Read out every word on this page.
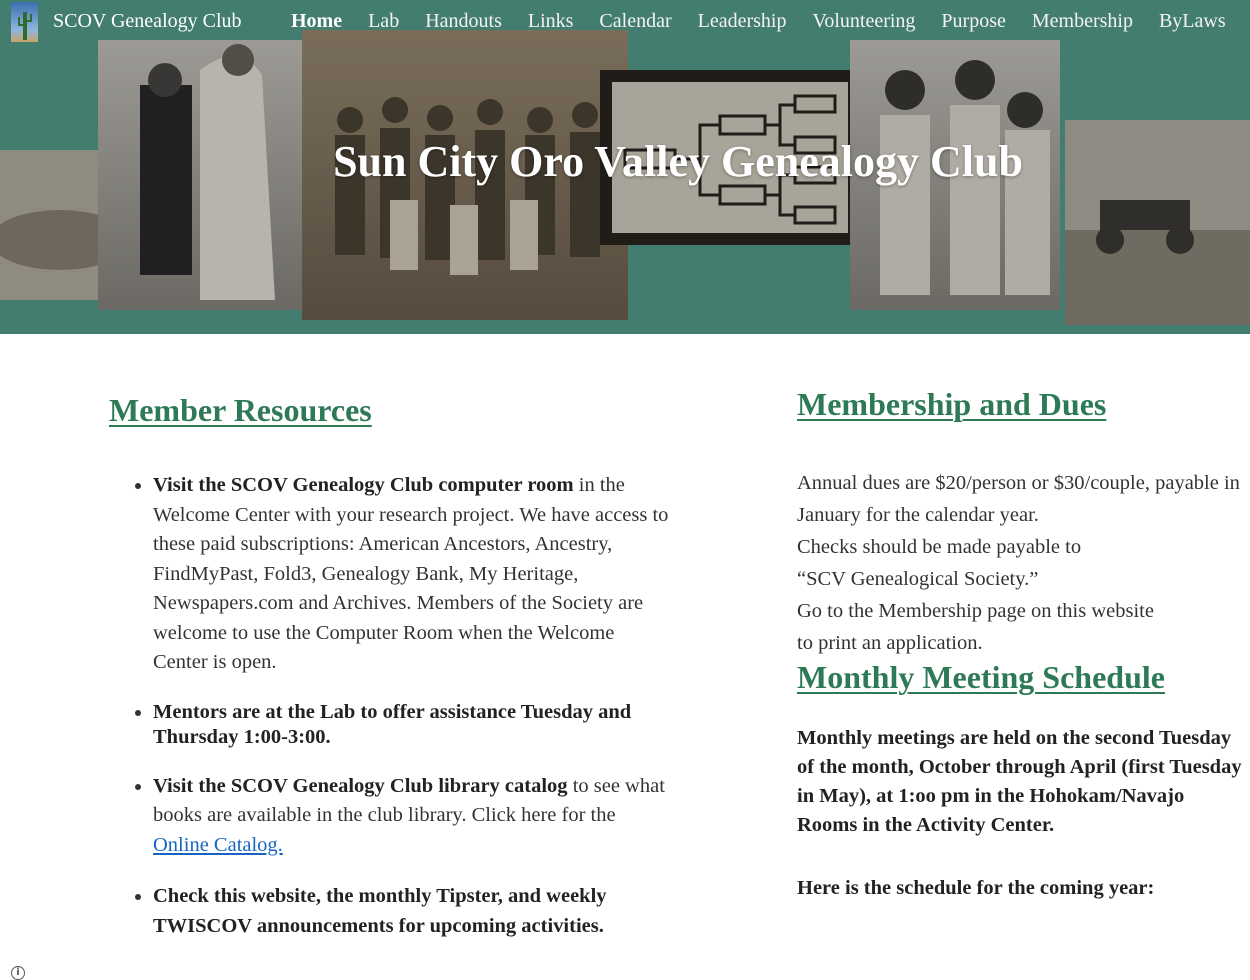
Sun City Oro Valley Genealogy Club
SCOV Genealogy Club Home Lab Handouts Links Calendar Leadership Volunteering Purpose Membership ByLaws
Member Resources
• Visit the SCOV Genealogy Club computer room in the Welcome Center with your research project. We have access to these paid subscriptions: American Ancestors, Ancestry, FindMyPast, Fold3, Genealogy Bank, My Heritage, Newspapers.com and Archives. Members of the Society are welcome to use the Computer Room when the Welcome Center is open.
• Mentors are at the Lab to offer assistance Tuesday and Thursday 1:00-3:00.
• Visit the SCOV Genealogy Club library catalog to see what books are available in the club library. Click here for the Online Catalog.
• Check this website, the monthly Tipster, and weekly TWISCOV announcements for upcoming activities.
Membership and Dues

Annual dues are $20/person or $30/couple, payable in January for the calendar year.

Checks should be made payable to

“SCV Genealogical Society.”

Go to the Membership page on this website

to print an application.

Monthly Meeting Schedule

Monthly meetings are held on the second Tuesday of the month, October through April (first Tuesday in May), at 1:oo pm in the Hohokam/Navajo Rooms in the Activity Center.

Here is the schedule for the coming year:

i
